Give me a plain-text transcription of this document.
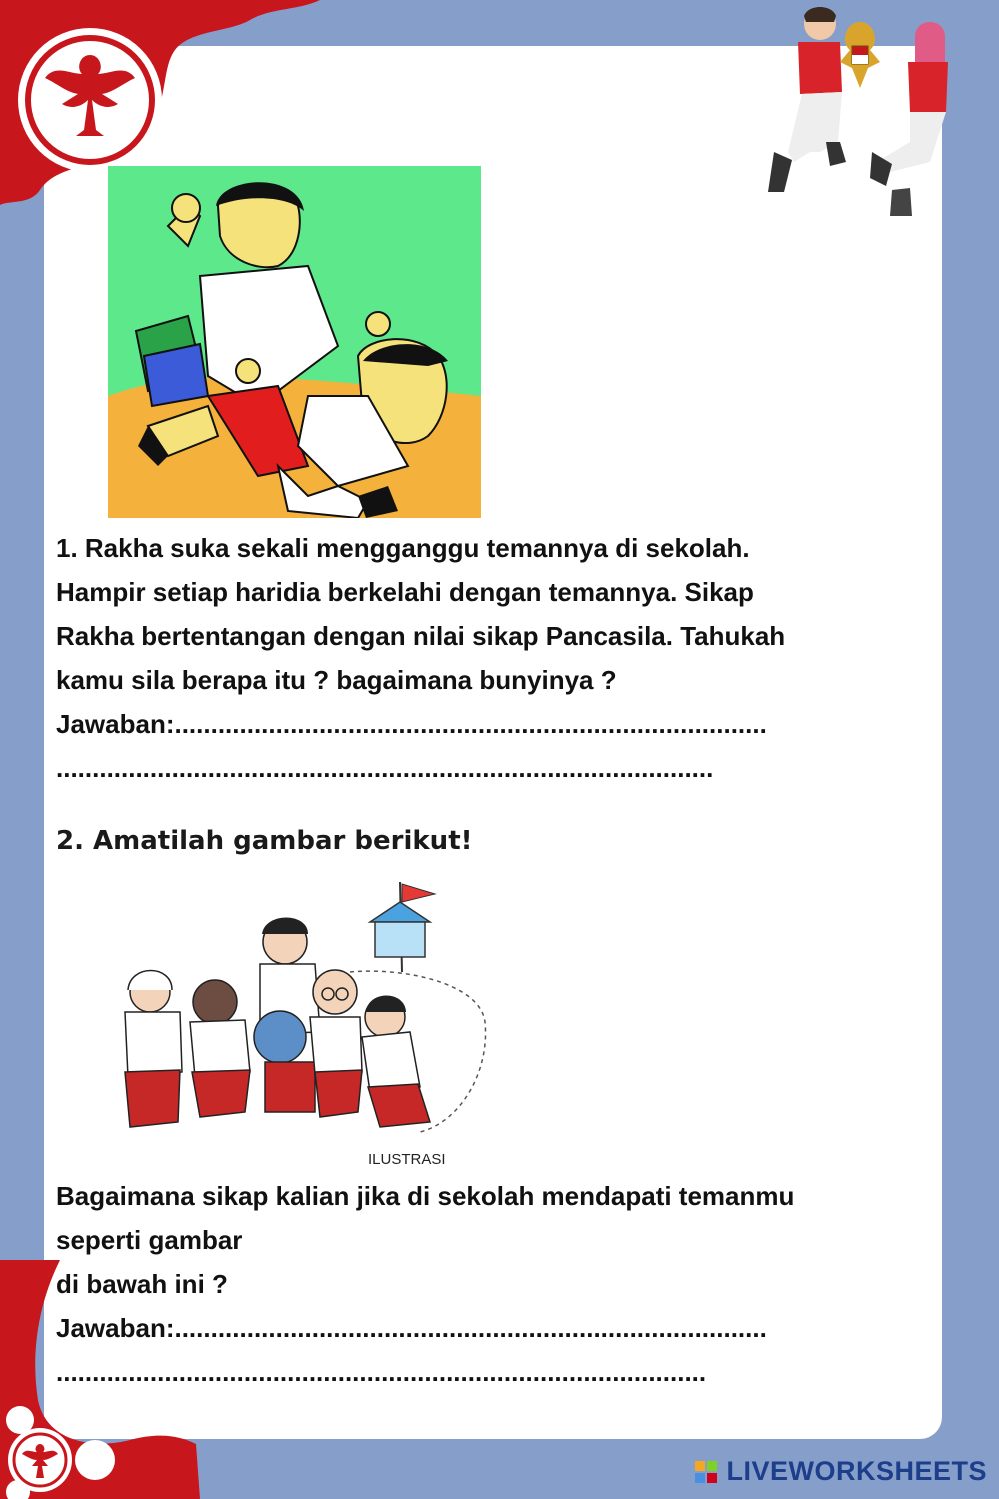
1. Rakha suka sekali mengganggu temannya di sekolah.
Hampir setiap haridia berkelahi dengan temannya. Sikap
Rakha bertentangan dengan nilai sikap Pancasila. Tahukah
kamu sila berapa itu ? bagaimana bunyinya ?
Jawaban:..................................................................................
...........................................................................................

2. Amatilah gambar berikut!

ILUSTRASI
Bagaimana sikap kalian jika di sekolah mendapati temanmu
seperti gambar
di bawah ini ?
Jawaban:..................................................................................
..........................................................................................
LIVEWORKSHEETS
